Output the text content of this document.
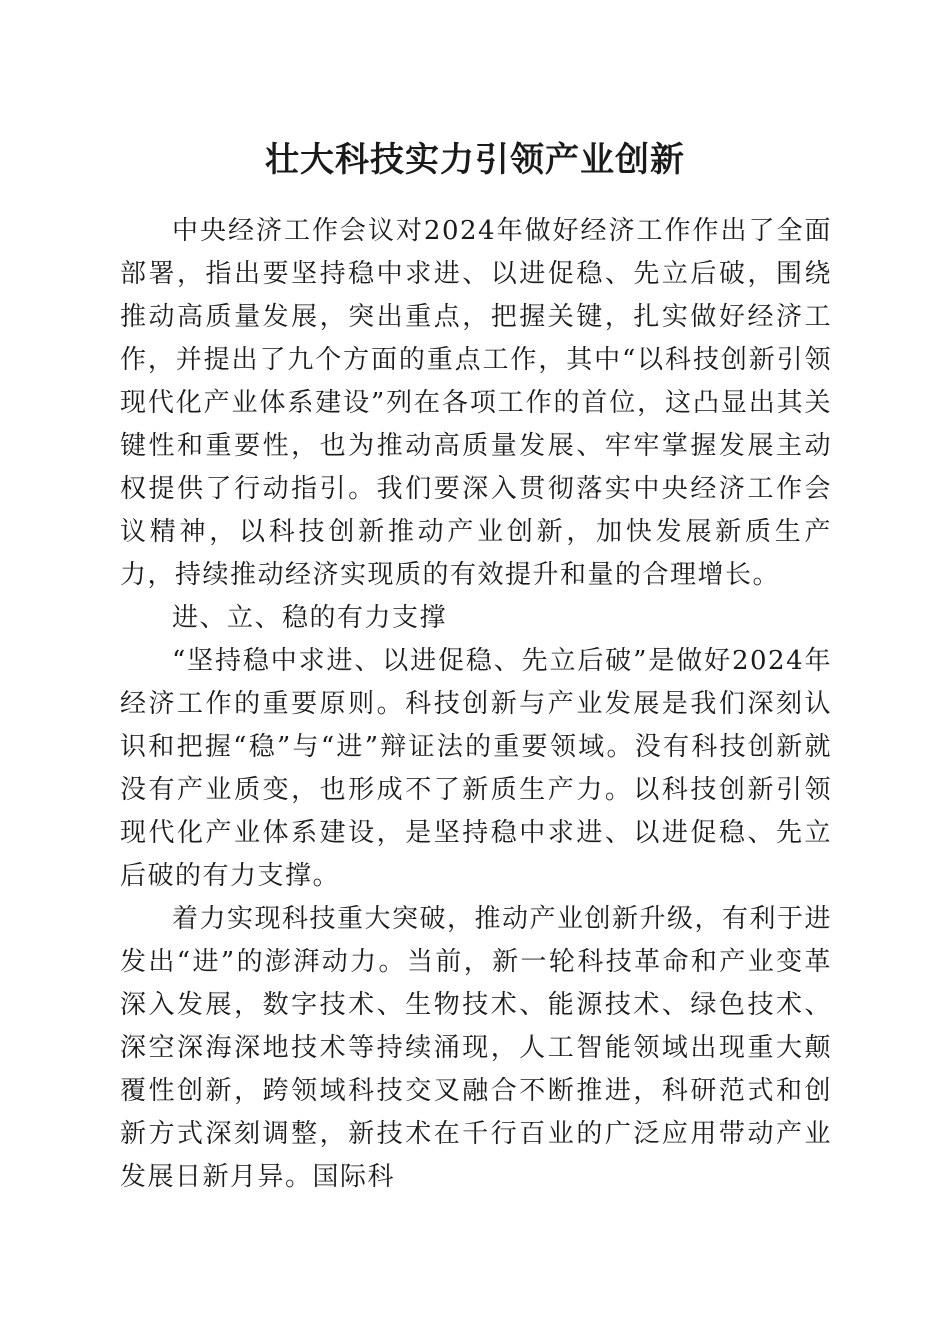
壮大科技实力引领产业创新

中央经济工作会议对2024年做好经济工作作出了全面部署，指出要坚持稳中求进、以进促稳、先立后破，围绕推动高质量发展，突出重点，把握关键，扎实做好经济工作，并提出了九个方面的重点工作，其中“以科技创新引领现代化产业体系建设”列在各项工作的首位，这凸显出其关键性和重要性，也为推动高质量发展、牢牢掌握发展主动权提供了行动指引。我们要深入贯彻落实中央经济工作会议精神，以科技创新推动产业创新，加快发展新质生产力，持续推动经济实现质的有效提升和量的合理增长。

进、立、稳的有力支撑

“坚持稳中求进、以进促稳、先立后破”是做好2024年经济工作的重要原则。科技创新与产业发展是我们深刻认识和把握“稳”与“进”辩证法的重要领域。没有科技创新就没有产业质变，也形成不了新质生产力。以科技创新引领现代化产业体系建设，是坚持稳中求进、以进促稳、先立后破的有力支撑。

着力实现科技重大突破，推动产业创新升级，有利于进发出“进”的澎湃动力。当前，新一轮科技革命和产业变革深入发展，数字技术、生物技术、能源技术、绿色技术、深空深海深地技术等持续涌现，人工智能领域出现重大颠覆性创新，跨领域科技交叉融合不断推进，科研范式和创新方式深刻调整，新技术在千行百业的广泛应用带动产业发展日新月异。国际科
